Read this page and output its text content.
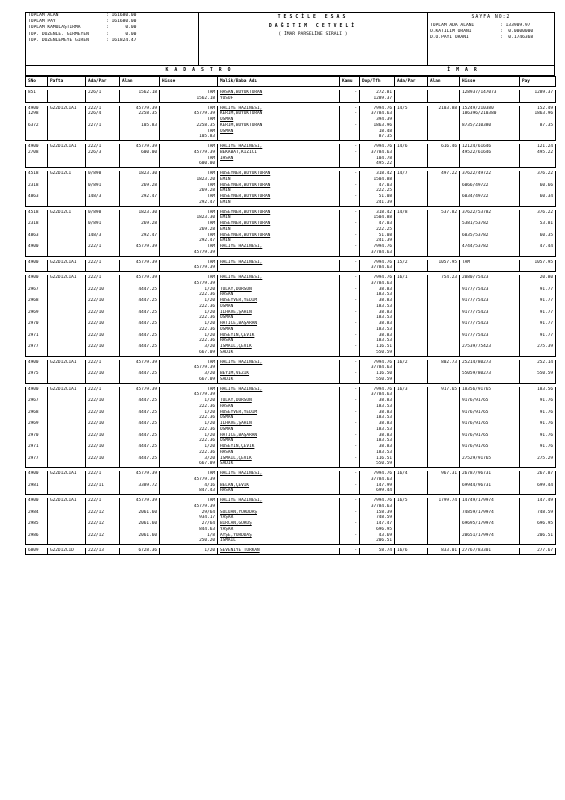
TOPLAM ALAN	: 161680.00
TOPLAM PAY	: 161680.00
TOPLAM KAMULAŞTIRMA	:      0.00
TOP. DÜZENLE. GİRMEYEN	:      0.00
TOP. DÜZENLEMEYE GİREN	: 161824.47
TESCİLE ESAS
DAĞITIM CETVELİ
( İMAR PARSELİNE SIRALI )
SAYFA NO:2
TOPLAM ADA ALANI	: 133909.97
O.KATILIM ORANI	:  0.0000000
D.O.PAYI ORANI	:  0.1746368
KADASTRO	İMAR
SNo	Pafta	Ada/Par	Alan	Hisse	Malik/Baba Adı	Kamu	Dop/Tfh	Ada/Par	Alan	Hisse	Pay

851		226/1	1562.18	TAM	HASAN,BÜYÜKTURAN	-	272.81			128937/147073	1289.37
				1562.18	YUSUF		1289.37				

4900	G22D12C1A1	222/1	45779.39	TAM	HALİYE HAZİNESİ,	-	7994.76	14/5	2103.88	15249/210380	152.49
1298		226/4	2258.35	45779.39	KERİM,BÜYÜKTURAN	-	37784.63			186396/210380	1863.96
				TAM	OSMAN		394.39				
6372		227/1	105.83	2258.35	KERİM,BÜYÜKTURAN	-	1863.96			8735/210380	87.35
				TAM	OSMAN		18.48				
				105.83			87.35				

4900	G22D12C1A1	222/1	45779.39	TAM	HALİYE HAZİNESİ,	-	7994.76	14/6	616.46	12124/61646	121.24
2708		226/3	600.00	45779.39	BEKABAT,KIZICI	-	37784.63			49522/61646	495.22
				TAM	İHSAN		104.78				
				600.00			495.22				

4518	G22D12C1	0/890	1823.30	TAM	HÜSEYNER,BÜYÜKTURAN	-	318.42	14/7	497.22	37622/49722	376.22
				1823.20	EMİN		1504.88				
2318		0/891	269.28	TAM	HÜSEYNER,BÜYÜKTURAN	-	47.03			6066/49722	60.66
				269.28	EMİN		222.25				
4863		148/3	292.47	TAM	HÜSEYNER,BÜYÜKTURAN	-	51.08			6034/49722	60.34
				292.47	EMİN		241.39				

4518	G22D12C1	0/890	1823.30	TAM	HÜSEYNER,BÜYÜKTURAN	-	318.42	14/8	537.82	37622/53782	376.22
				1823.30	EMİN		1504.88				
2318		0/891	269.28	TAM	HÜSEYNER,BÜYÜKTURAN	-	47.03			5381/53782	53.81
				269.28	EMİN		222.25				
4863		148/3	292.47	TAM	HÜSEYNER,BÜYÜKTURAN	-	51.08			6035/53782	60.35
				292.47	EMİN		241.39				
4900		222/1	45779.39	TAM	HALİYE HAZİNESİ,	-	7994.76			4744/53782	47.44
				45779.39			37784.63				

4900	G22D12C1A1	222/1	45779.39	TAM	HALİYE HAZİNESİ,	-	7994.76	15/2	1057.95	TAM	1057.95
				45779.39			37784.63				

4900	G22D12C1A1	222/1	45779.39	TAM	HALİYE HAZİNESİ,	-	7994.76	16/1	754.23	2080/75423	20.80
				45779.39			37784.63				
2967		222/10	4447.25	1/20	TÜLAY,DURSUN	-	38.83			9177/75423	91.77
				222.36	HASAN		183.53				
2968		222/10	4447.25	1/20	HÜSEYVER,YEDİM	-	38.83			9177/75423	91.77
				222.36	OSMAN		183.53				
2969		222/10	4447.25	1/20	İLHAVE,ŞAHİN	-	38.83			9177/75423	91.77
				222.36	OSMAN		183.53				
2970		222/10	4447.25	1/20	HATİCE,BAŞARAN	-	38.83			9177/75423	91.77
				222.36	OSMAN		183.53				
2971		222/10	4447.25	1/20	HÜSEYİN,ÇEVİK	-	38.83			9177/75423	91.77
				222.36	HASAN		183.53				
2977		222/10	4447.25	3/20	İSMAİL,ÇEVİK	-	116.51			27539/75423	275.39
				667.09	SADIK		550.59				

4900	G22D12C1A1	222/1	45779.39	TAM	HALİYE HAZİNESİ,	-	7994.76	16/2	802.73	25214/80273	252.14
				45779.39			37784.63				
2975		222/10	4447.25	3/20	BEYİM,VEZİK	-	116.50			55059/80273	550.59
				667.09	SADIK		550.59				

4900	G22D12C1A1	222/1	45779.39	TAM	HALİYE HAZİNESİ,	-	7994.76	16/3	917.65	18356/91765	183.56
				45779.39			37784.63				
2967		222/10	4447.25	1/20	TÜLAY,DURSUN	-	38.83			9176/91765	91.76
				222.36	HASAN		183.53				
2968		222/10	4447.25	1/20	HÜSEYVER,YEDİM	-	38.83			9176/91765	91.76
				222.36	OSMAN		183.53				
2969		222/10	4447.25	1/20	İLHAVE,ŞAHİN	-	38.83			9176/91765	91.76
				222.36	OSMAN		183.53				
2970		222/10	4447.25	1/20	HATİCE,BAŞARAN	-	38.83			9176/91765	91.76
				222.36	OSMAN		183.53				
2971		222/10	4447.25	1/20	HÜSEYİN,ÇEVİK	-	38.83			9176/91765	91.76
				222.36	HASAN		183.53				
2977		222/10	4447.25	3/20	İSMAİL,ÇEVİK	-	116.51			27529/91765	275.29
				667.09	SADIK		550.59				

4900	G22D12C1A1	222/1	45779.39	TAM	HALİYE HAZİNESİ,	-	7994.76	16/4	967.31	26787/96731	267.87
				45779.39			37784.63				
2981		222/11	3389.72	4/16	BELAN,ÇEVİK	-	147.99			69944/96731	699.44
				847.43	HASAN		699.44				

4900	G22D12C1A1	222/1	45779.39	TAM	HALİYE HAZİNESİ,	-	7994.76	16/5	1799.74	14749/179974	147.49
				45779.39			37784.63				
2984		222/12	2061.60	29/64	SÜLÜAN,YURDDAŞ	-	158.39			74859/179974	748.59
				934.17	YAŞAR		748.59				
2985		222/12	2061.60	27/64	BİRCAN,GÜRÜŞ	-	147.47			69695/179974	696.95
				844.63	YAŞAR		696.95				
2986		222/12	2061.60	1/8	AYŞE,YURDDAŞ	-	43.69			20651/179974	206.51
				250.20	İSMAİL		206.51				

6809	G22D12C1D	222/13	6728.36	1/20	SEVENİYE TÜRKAN	-	58.74	16/6	833.01	27767/83301	277.67
